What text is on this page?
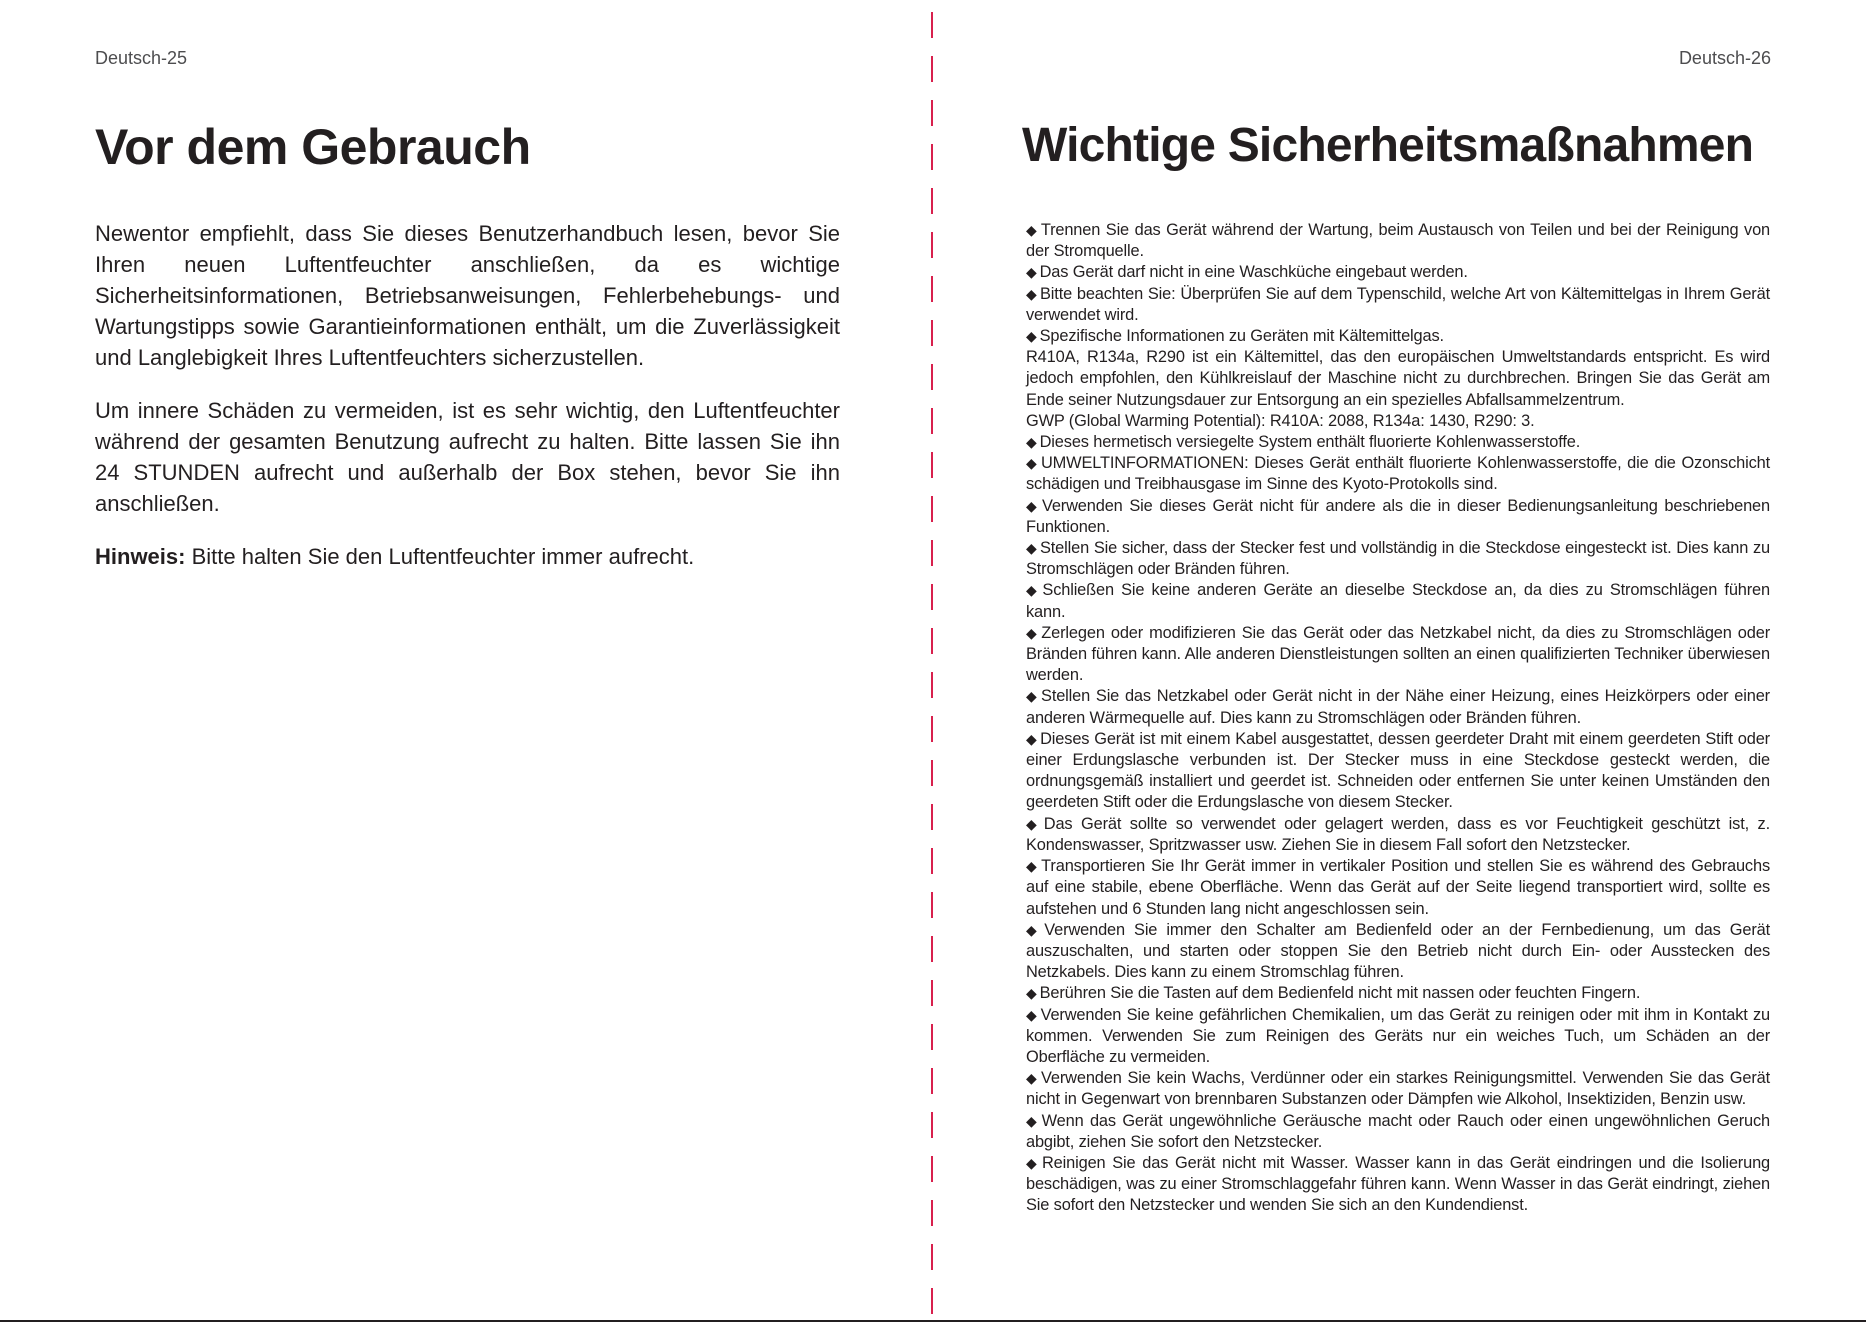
Deutsch-25
Vor dem Gebrauch

Newentor empfiehlt, dass Sie dieses Benutzerhandbuch lesen, bevor Sie Ihren neuen Luftentfeuchter anschließen, da es wichtige Sicherheitsinformationen, Betriebsanweisungen, Fehlerbehebungs- und Wartungstipps sowie Garantieinformationen enthält, um die Zuverlässigkeit und Langlebigkeit Ihres Luftentfeuchters sicherzustellen.

Um innere Schäden zu vermeiden, ist es sehr wichtig, den Luftentfeuchter während der gesamten Benutzung aufrecht zu halten. Bitte lassen Sie ihn 24 STUNDEN aufrecht und außerhalb der Box stehen, bevor Sie ihn anschließen.

Hinweis: Bitte halten Sie den Luftentfeuchter immer aufrecht.

Deutsch-26
Wichtige Sicherheitsmaßnahmen
◆ Trennen Sie das Gerät während der Wartung, beim Austausch von Teilen und bei der Reinigung von der Stromquelle.
◆ Das Gerät darf nicht in eine Waschküche eingebaut werden.
◆ Bitte beachten Sie: Überprüfen Sie auf dem Typenschild, welche Art von Kältemittelgas in Ihrem Gerät verwendet wird.
◆ Spezifische Informationen zu Geräten mit Kältemittelgas.
R410A, R134a, R290 ist ein Kältemittel, das den europäischen Umweltstandards entspricht. Es wird jedoch empfohlen, den Kühlkreislauf der Maschine nicht zu durchbrechen. Bringen Sie das Gerät am Ende seiner Nutzungsdauer zur Entsorgung an ein spezielles Abfallsammelzentrum.
GWP (Global Warming Potential): R410A: 2088, R134a: 1430, R290: 3.
◆ Dieses hermetisch versiegelte System enthält fluorierte Kohlenwasserstoffe.
◆ UMWELTINFORMATIONEN: Dieses Gerät enthält fluorierte Kohlenwasserstoffe, die die Ozonschicht schädigen und Treibhausgase im Sinne des Kyoto-Protokolls sind.
◆ Verwenden Sie dieses Gerät nicht für andere als die in dieser Bedienungsanleitung beschriebenen Funktionen.
◆ Stellen Sie sicher, dass der Stecker fest und vollständig in die Steckdose eingesteckt ist. Dies kann zu Stromschlägen oder Bränden führen.
◆ Schließen Sie keine anderen Geräte an dieselbe Steckdose an, da dies zu Stromschlägen führen kann.
◆ Zerlegen oder modifizieren Sie das Gerät oder das Netzkabel nicht, da dies zu Stromschlägen oder Bränden führen kann. Alle anderen Dienstleistungen sollten an einen qualifizierten Techniker überwiesen werden.
◆ Stellen Sie das Netzkabel oder Gerät nicht in der Nähe einer Heizung, eines Heizkörpers oder einer anderen Wärmequelle auf. Dies kann zu Stromschlägen oder Bränden führen.
◆ Dieses Gerät ist mit einem Kabel ausgestattet, dessen geerdeter Draht mit einem geerdeten Stift oder einer Erdungslasche verbunden ist. Der Stecker muss in eine Steckdose gesteckt werden, die ordnungsgemäß installiert und geerdet ist. Schneiden oder entfernen Sie unter keinen Umständen den geerdeten Stift oder die Erdungslasche von diesem Stecker.
◆ Das Gerät sollte so verwendet oder gelagert werden, dass es vor Feuchtigkeit geschützt ist, z. Kondenswasser, Spritzwasser usw. Ziehen Sie in diesem Fall sofort den Netzstecker.
◆ Transportieren Sie Ihr Gerät immer in vertikaler Position und stellen Sie es während des Gebrauchs auf eine stabile, ebene Oberfläche. Wenn das Gerät auf der Seite liegend transportiert wird, sollte es aufstehen und 6 Stunden lang nicht angeschlossen sein.
◆ Verwenden Sie immer den Schalter am Bedienfeld oder an der Fernbedienung, um das Gerät auszuschalten, und starten oder stoppen Sie den Betrieb nicht durch Ein- oder Ausstecken des Netzkabels. Dies kann zu einem Stromschlag führen.
◆ Berühren Sie die Tasten auf dem Bedienfeld nicht mit nassen oder feuchten Fingern.
◆ Verwenden Sie keine gefährlichen Chemikalien, um das Gerät zu reinigen oder mit ihm in Kontakt zu kommen. Verwenden Sie zum Reinigen des Geräts nur ein weiches Tuch, um Schäden an der Oberfläche zu vermeiden.
◆ Verwenden Sie kein Wachs, Verdünner oder ein starkes Reinigungsmittel. Verwenden Sie das Gerät nicht in Gegenwart von brennbaren Substanzen oder Dämpfen wie Alkohol, Insektiziden, Benzin usw.
◆ Wenn das Gerät ungewöhnliche Geräusche macht oder Rauch oder einen ungewöhnlichen Geruch abgibt, ziehen Sie sofort den Netzstecker.
◆ Reinigen Sie das Gerät nicht mit Wasser. Wasser kann in das Gerät eindringen und die Isolierung beschädigen, was zu einer Stromschlaggefahr führen kann. Wenn Wasser in das Gerät eindringt, ziehen Sie sofort den Netzstecker und wenden Sie sich an den Kundendienst.
